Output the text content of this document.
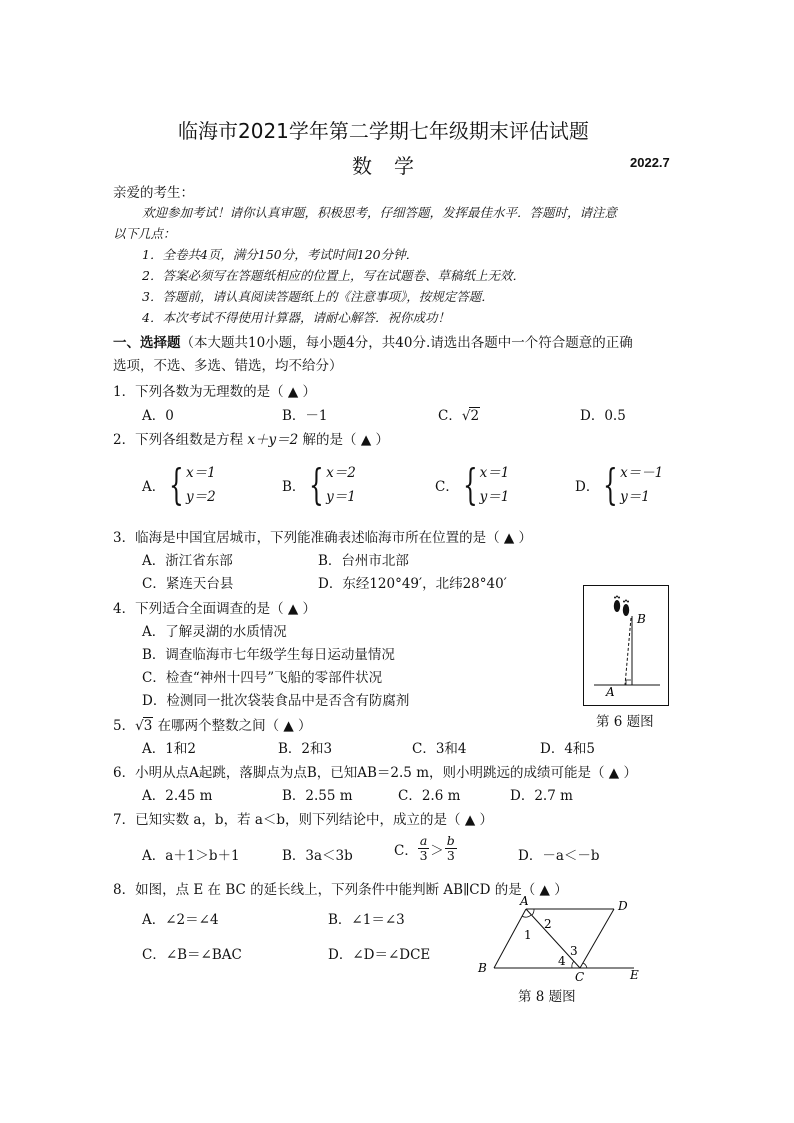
临海市2021学年第二学期七年级期末评估试题
数学	2022.7
亲爱的考生：
欢迎参加考试！请你认真审题，积极思考，仔细答题，发挥最佳水平．答题时，请注意
以下几点：
1．全卷共4页，满分150分，考试时间120分钟．
2．答案必须写在答题纸相应的位置上，写在试题卷、草稿纸上无效．
3．答题前，请认真阅读答题纸上的《注意事项》，按规定答题．
4．本次考试不得使用计算器，请耐心解答．祝你成功！
一、选择题（本大题共10小题，每小题4分，共40分.请选出各题中一个符合题意的正确
选项，不选、多选、错选，均不给分）
1．下列各数为无理数的是（ ▲ ）
A．0	B．－1	C．√2	D．0.5
2．下列各组数是方程 x＋y＝2 解的是（ ▲ ）
A． { x＝1
y＝2
B． { x＝2
y＝1
C． { x＝1
y＝1
D． { x＝－1
y＝1
3．临海是中国宜居城市，下列能准确表述临海市所在位置的是（ ▲ ）
A．浙江省东部	B．台州市北部
C．紧连天台县	D．东经120°49′，北纬28°40′
4．下列适合全面调查的是（ ▲ ）
A．了解灵湖的水质情况
B．调查临海市七年级学生每日运动量情况
C．检查“神州十四号”飞船的零部件状况
D．检测同一批次袋装食品中是否含有防腐剂
A
B
第 6 题图
5．√3 在哪两个整数之间（ ▲ ）
A．1和2	B．2和3	C．3和4	D．4和5
6．小明从点A起跳，落脚点为点B，已知AB＝2.5 m，则小明跳远的成绩可能是（ ▲ ）
A．2.45 m	B．2.55 m	C．2.6 m	D．2.7 m
7．已知实数 a，b，若 a＜b，则下列结论中，成立的是（ ▲ ）
A．a＋1＞b＋1	B．3a＜3b	C． $\frac{a}{3} > \frac{b}{3}$	D．－a＜－b
8．如图，点 E 在 BC 的延长线上，下列条件中能判断 AB∥CD 的是（ ▲ ）
A．∠2＝∠4	B．∠1＝∠3
C．∠B＝∠BAC	D．∠D＝∠DCE
A	D
B
C	E
1
2
3
4
第 8 题图
